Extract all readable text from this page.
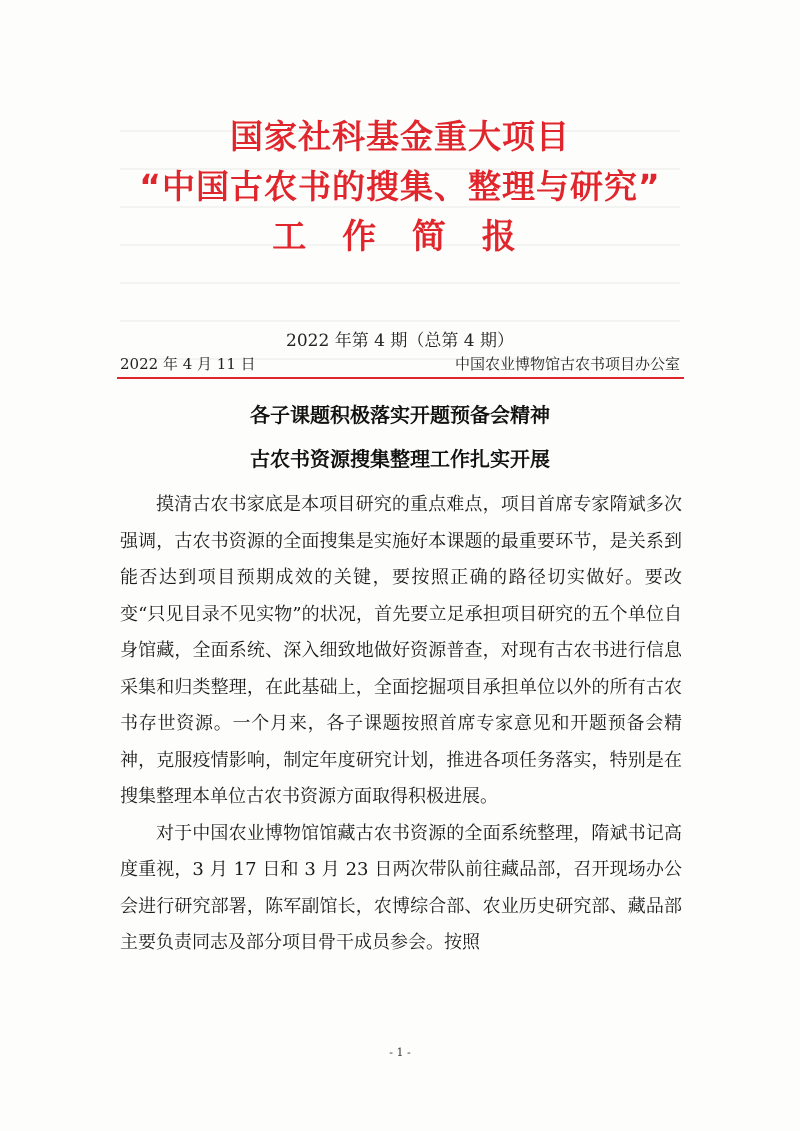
国家社科基金重大项目
“中国古农书的搜集、整理与研究”
工 作 简 报
2022 年第 4 期（总第 4 期）
2022 年 4 月 11 日	中国农业博物馆古农书项目办公室
各子课题积极落实开题预备会精神
古农书资源搜集整理工作扎实开展

摸清古农书家底是本项目研究的重点难点，项目首席专家隋斌多次强调，古农书资源的全面搜集是实施好本课题的最重要环节，是关系到能否达到项目预期成效的关键，要按照正确的路径切实做好。要改变“只见目录不见实物”的状况，首先要立足承担项目研究的五个单位自身馆藏，全面系统、深入细致地做好资源普查，对现有古农书进行信息采集和归类整理，在此基础上，全面挖掘项目承担单位以外的所有古农书存世资源。一个月来，各子课题按照首席专家意见和开题预备会精神，克服疫情影响，制定年度研究计划，推进各项任务落实，特别是在搜集整理本单位古农书资源方面取得积极进展。

对于中国农业博物馆馆藏古农书资源的全面系统整理，隋斌书记高度重视，3 月 17 日和 3 月 23 日两次带队前往藏品部，召开现场办公会进行研究部署，陈军副馆长，农博综合部、农业历史研究部、藏品部主要负责同志及部分项目骨干成员参会。按照

- 1 -
